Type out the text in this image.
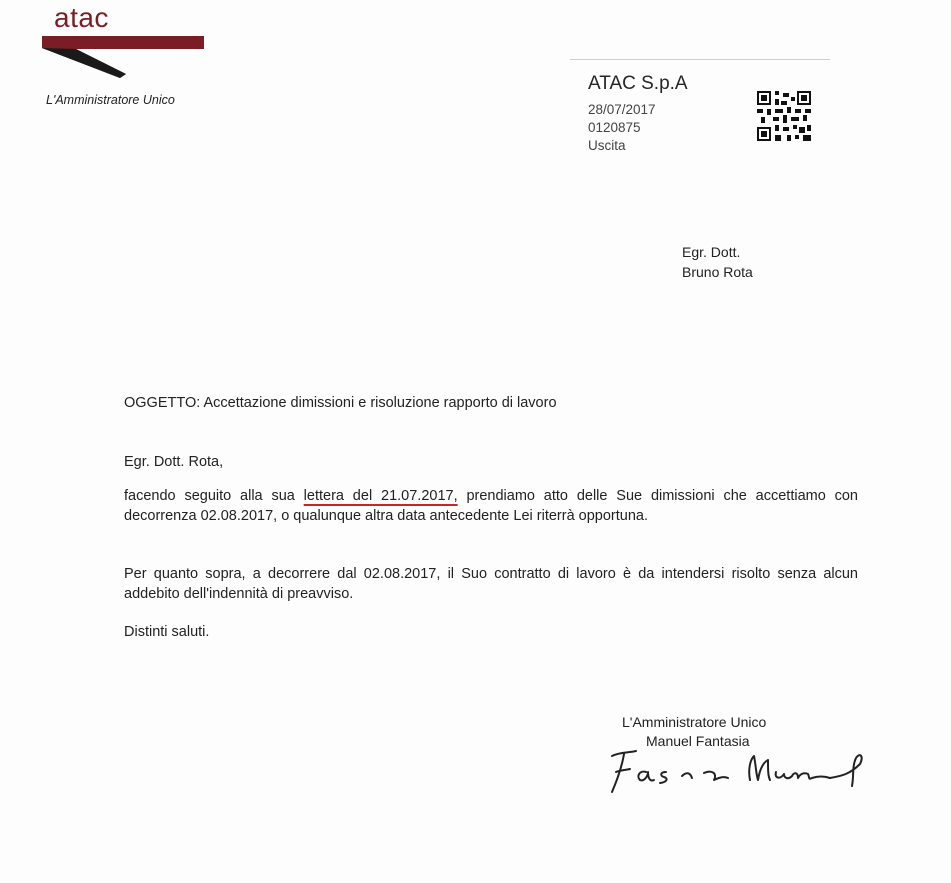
atac
L'Amministratore Unico
ATAC S.p.A
28/07/2017
0120875
Uscita
Egr. Dott.
Bruno Rota
OGGETTO: Accettazione dimissioni e risoluzione rapporto di lavoro
Egr. Dott. Rota,
facendo seguito alla sua lettera del 21.07.2017, prendiamo atto delle Sue dimissioni che accettiamo con decorrenza 02.08.2017, o qualunque altra data antecedente Lei riterrà opportuna.
Per quanto sopra, a decorrere dal 02.08.2017, il Suo contratto di lavoro è da intendersi risolto senza alcun addebito dell'indennità di preavviso.
Distinti saluti.
L'Amministratore Unico
Manuel Fantasia
